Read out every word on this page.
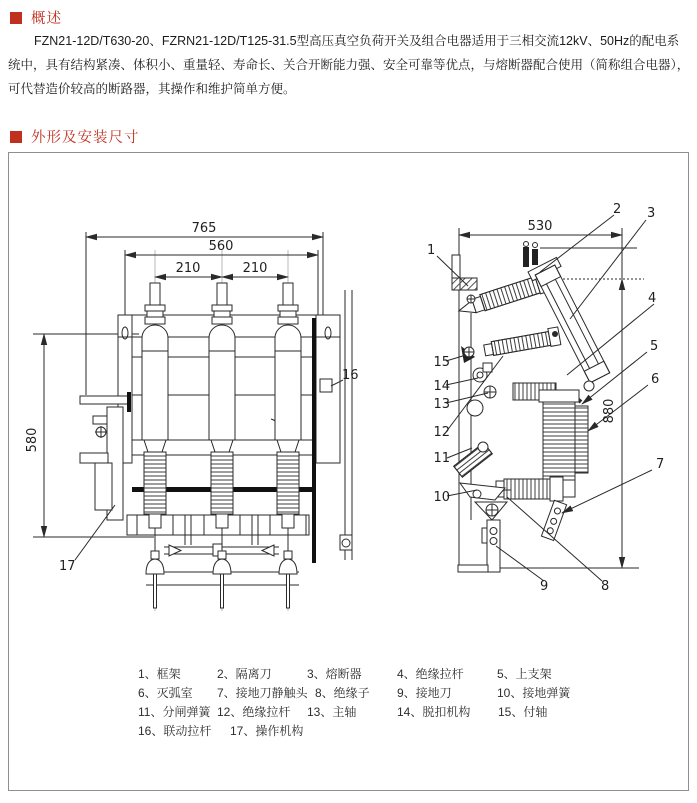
概述
FZN21-12D/T630-20、FZRN21-12D/T125-31.5型高压真空负荷开关及组合电器适用于三相交流12kV、50Hz的配电系统中，具有结构紧凑、体积小、重量轻、寿命长、关合开断能力强、安全可靠等优点，与熔断器配合使用（简称组合电器），可代替造价较高的断路器，其操作和维护简单方便。
外形及安装尺寸
765
560
210	210
580
530
880
16
17
1
2 3
4
5
6
7
8
9
10
11
12
13
14
15
1、框架	2、隔离刀	3、熔断器	4、绝缘拉杆	5、上支架
6、灭弧室 7、接地刀静触头 8、绝缘子 9、接地刀	10、接地弹簧
11、分闸弹簧 12、绝缘拉杆 13、主轴	14、脱扣机构 15、付轴
16、联动拉杆 17、操作机构
